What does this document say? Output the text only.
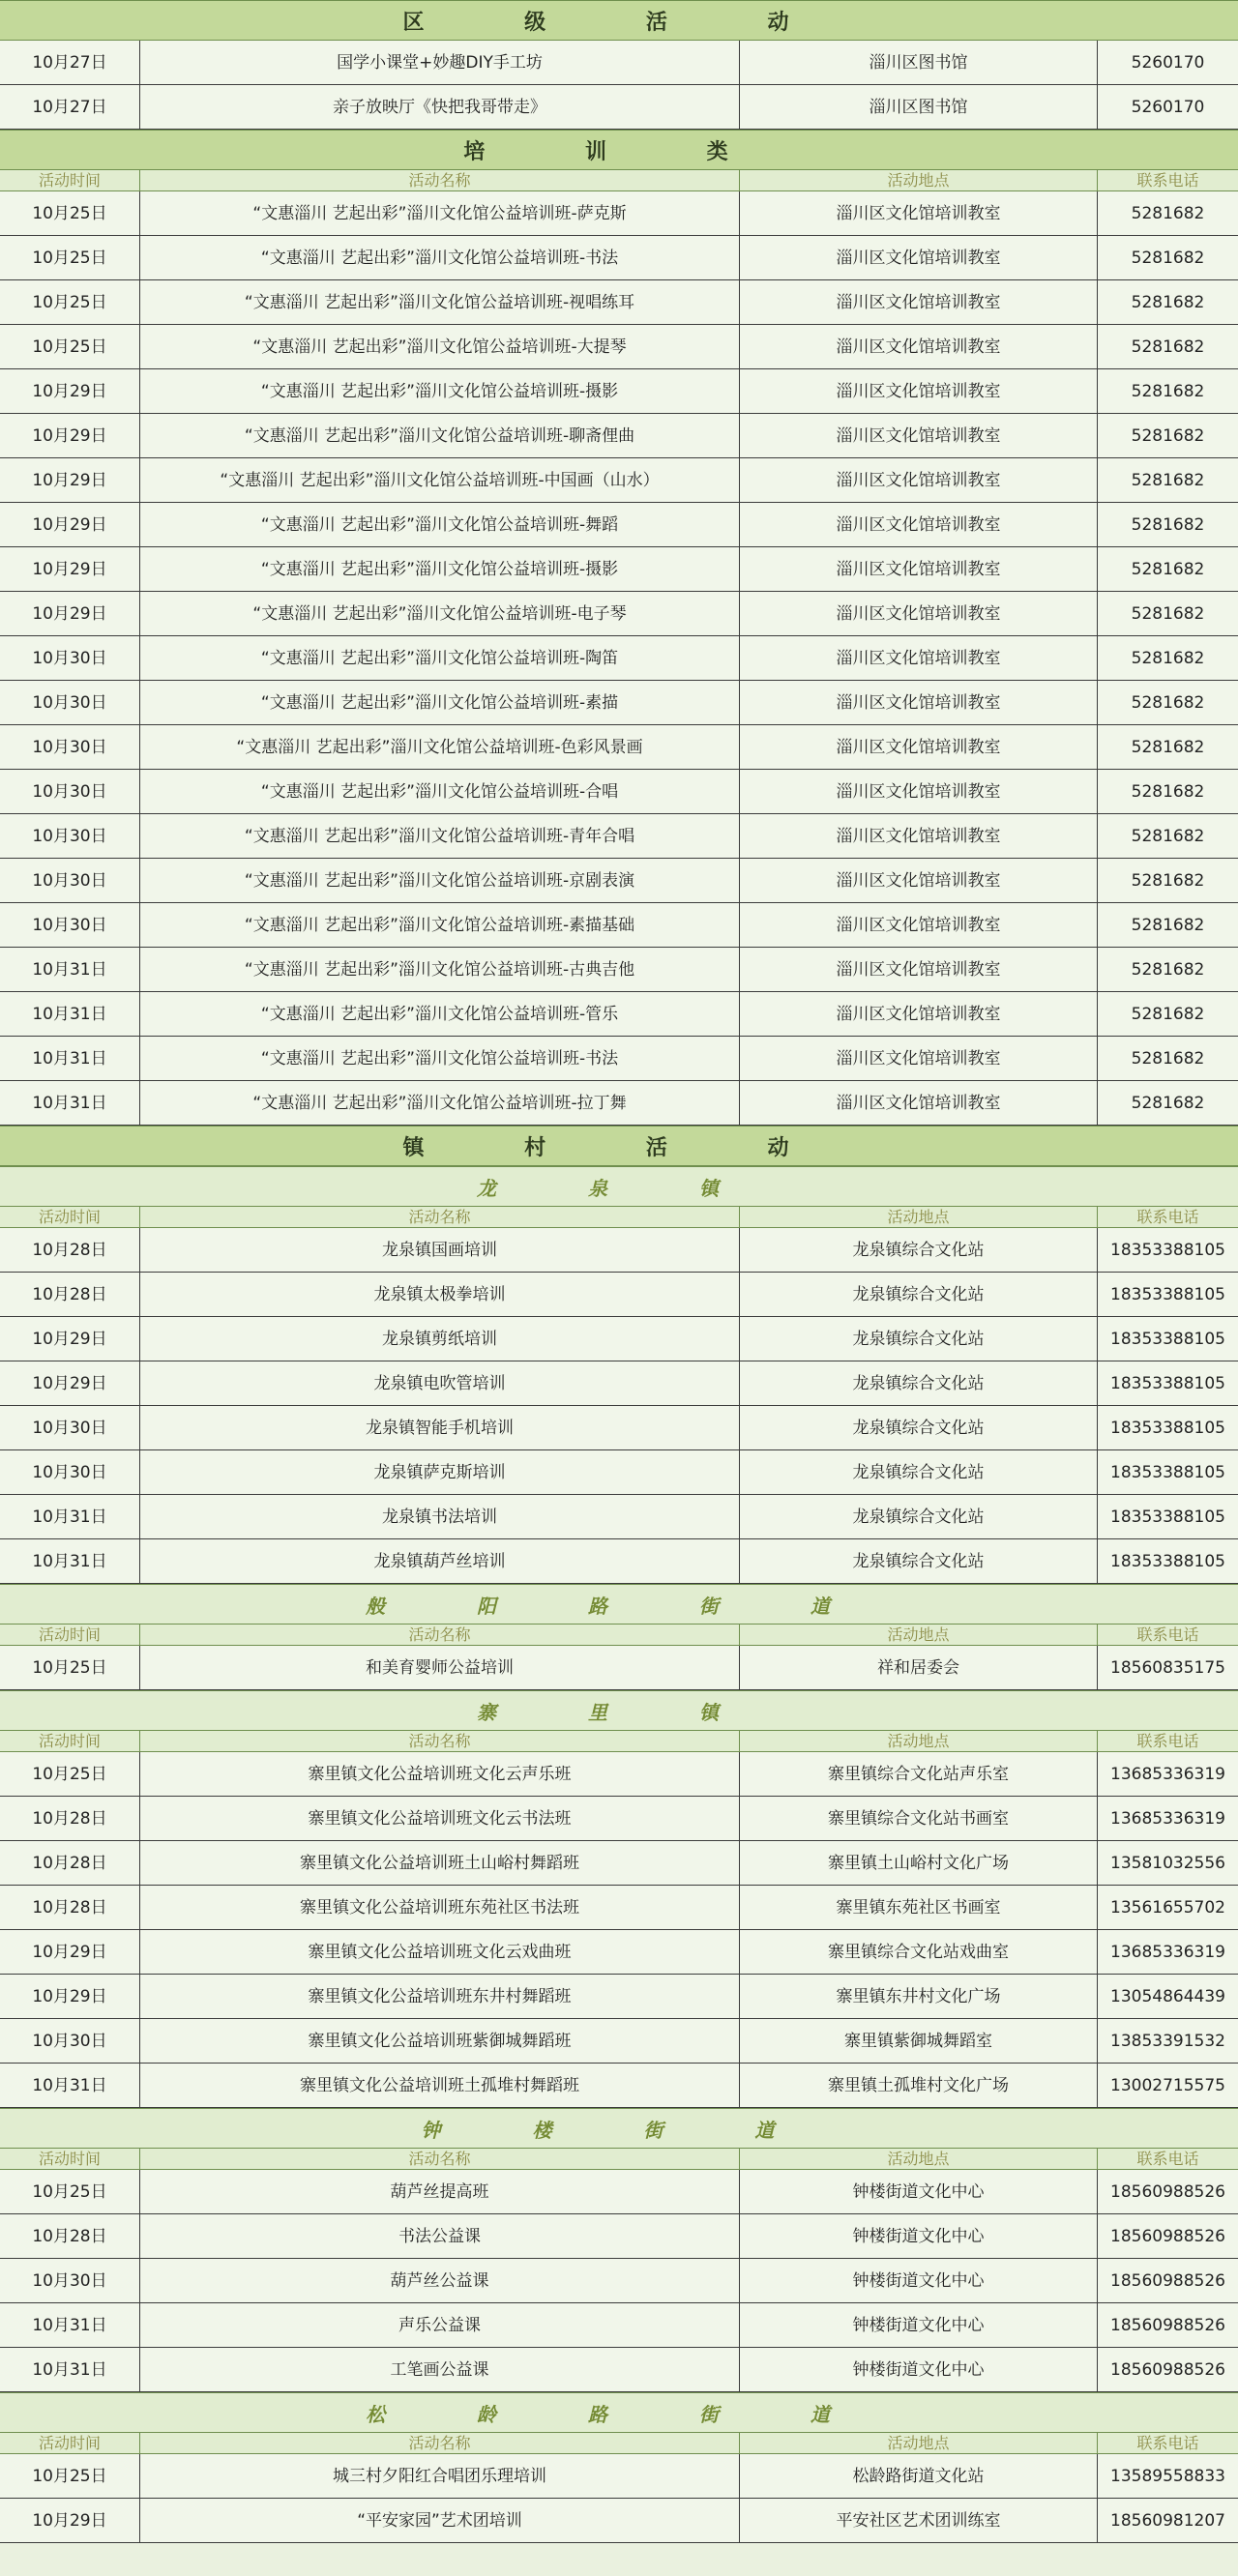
区 级 活 动
10月27日	国学小课堂+妙趣DIY手工坊	淄川区图书馆	5260170
10月27日	亲子放映厅《快把我哥带走》	淄川区图书馆	5260170
培 训 类
活动时间	活动名称	活动地点	联系电话
10月25日	“文惠淄川 艺起出彩”淄川文化馆公益培训班-萨克斯	淄川区文化馆培训教室	5281682
10月25日	“文惠淄川 艺起出彩”淄川文化馆公益培训班-书法	淄川区文化馆培训教室	5281682
10月25日	“文惠淄川 艺起出彩”淄川文化馆公益培训班-视唱练耳	淄川区文化馆培训教室	5281682
10月25日	“文惠淄川 艺起出彩”淄川文化馆公益培训班-大提琴	淄川区文化馆培训教室	5281682
10月29日	“文惠淄川 艺起出彩”淄川文化馆公益培训班-摄影	淄川区文化馆培训教室	5281682
10月29日	“文惠淄川 艺起出彩”淄川文化馆公益培训班-聊斋俚曲	淄川区文化馆培训教室	5281682
10月29日	“文惠淄川 艺起出彩”淄川文化馆公益培训班-中国画（山水）	淄川区文化馆培训教室	5281682
10月29日	“文惠淄川 艺起出彩”淄川文化馆公益培训班-舞蹈	淄川区文化馆培训教室	5281682
10月29日	“文惠淄川 艺起出彩”淄川文化馆公益培训班-摄影	淄川区文化馆培训教室	5281682
10月29日	“文惠淄川 艺起出彩”淄川文化馆公益培训班-电子琴	淄川区文化馆培训教室	5281682
10月30日	“文惠淄川 艺起出彩”淄川文化馆公益培训班-陶笛	淄川区文化馆培训教室	5281682
10月30日	“文惠淄川 艺起出彩”淄川文化馆公益培训班-素描	淄川区文化馆培训教室	5281682
10月30日	“文惠淄川 艺起出彩”淄川文化馆公益培训班-色彩风景画	淄川区文化馆培训教室	5281682
10月30日	“文惠淄川 艺起出彩”淄川文化馆公益培训班-合唱	淄川区文化馆培训教室	5281682
10月30日	“文惠淄川 艺起出彩”淄川文化馆公益培训班-青年合唱	淄川区文化馆培训教室	5281682
10月30日	“文惠淄川 艺起出彩”淄川文化馆公益培训班-京剧表演	淄川区文化馆培训教室	5281682
10月30日	“文惠淄川 艺起出彩”淄川文化馆公益培训班-素描基础	淄川区文化馆培训教室	5281682
10月31日	“文惠淄川 艺起出彩”淄川文化馆公益培训班-古典吉他	淄川区文化馆培训教室	5281682
10月31日	“文惠淄川 艺起出彩”淄川文化馆公益培训班-管乐	淄川区文化馆培训教室	5281682
10月31日	“文惠淄川 艺起出彩”淄川文化馆公益培训班-书法	淄川区文化馆培训教室	5281682
10月31日	“文惠淄川 艺起出彩”淄川文化馆公益培训班-拉丁舞	淄川区文化馆培训教室	5281682
镇 村 活 动
龙 泉 镇
活动时间	活动名称	活动地点	联系电话
10月28日	龙泉镇国画培训	龙泉镇综合文化站	18353388105
10月28日	龙泉镇太极拳培训	龙泉镇综合文化站	18353388105
10月29日	龙泉镇剪纸培训	龙泉镇综合文化站	18353388105
10月29日	龙泉镇电吹管培训	龙泉镇综合文化站	18353388105
10月30日	龙泉镇智能手机培训	龙泉镇综合文化站	18353388105
10月30日	龙泉镇萨克斯培训	龙泉镇综合文化站	18353388105
10月31日	龙泉镇书法培训	龙泉镇综合文化站	18353388105
10月31日	龙泉镇葫芦丝培训	龙泉镇综合文化站	18353388105
般 阳 路 街 道
活动时间	活动名称	活动地点	联系电话
10月25日	和美育婴师公益培训	祥和居委会	18560835175
寨 里 镇
活动时间	活动名称	活动地点	联系电话
10月25日	寨里镇文化公益培训班文化云声乐班	寨里镇综合文化站声乐室	13685336319
10月28日	寨里镇文化公益培训班文化云书法班	寨里镇综合文化站书画室	13685336319
10月28日	寨里镇文化公益培训班土山峪村舞蹈班	寨里镇土山峪村文化广场	13581032556
10月28日	寨里镇文化公益培训班东苑社区书法班	寨里镇东苑社区书画室	13561655702
10月29日	寨里镇文化公益培训班文化云戏曲班	寨里镇综合文化站戏曲室	13685336319
10月29日	寨里镇文化公益培训班东井村舞蹈班	寨里镇东井村文化广场	13054864439
10月30日	寨里镇文化公益培训班紫御城舞蹈班	寨里镇紫御城舞蹈室	13853391532
10月31日	寨里镇文化公益培训班土孤堆村舞蹈班	寨里镇土孤堆村文化广场	13002715575
钟 楼 街 道
活动时间	活动名称	活动地点	联系电话
10月25日	葫芦丝提高班	钟楼街道文化中心	18560988526
10月28日	书法公益课	钟楼街道文化中心	18560988526
10月30日	葫芦丝公益课	钟楼街道文化中心	18560988526
10月31日	声乐公益课	钟楼街道文化中心	18560988526
10月31日	工笔画公益课	钟楼街道文化中心	18560988526
松 龄 路 街 道
活动时间	活动名称	活动地点	联系电话
10月25日	城三村夕阳红合唱团乐理培训	松龄路街道文化站	13589558833
10月29日	“平安家园”艺术团培训	平安社区艺术团训练室	18560981207
